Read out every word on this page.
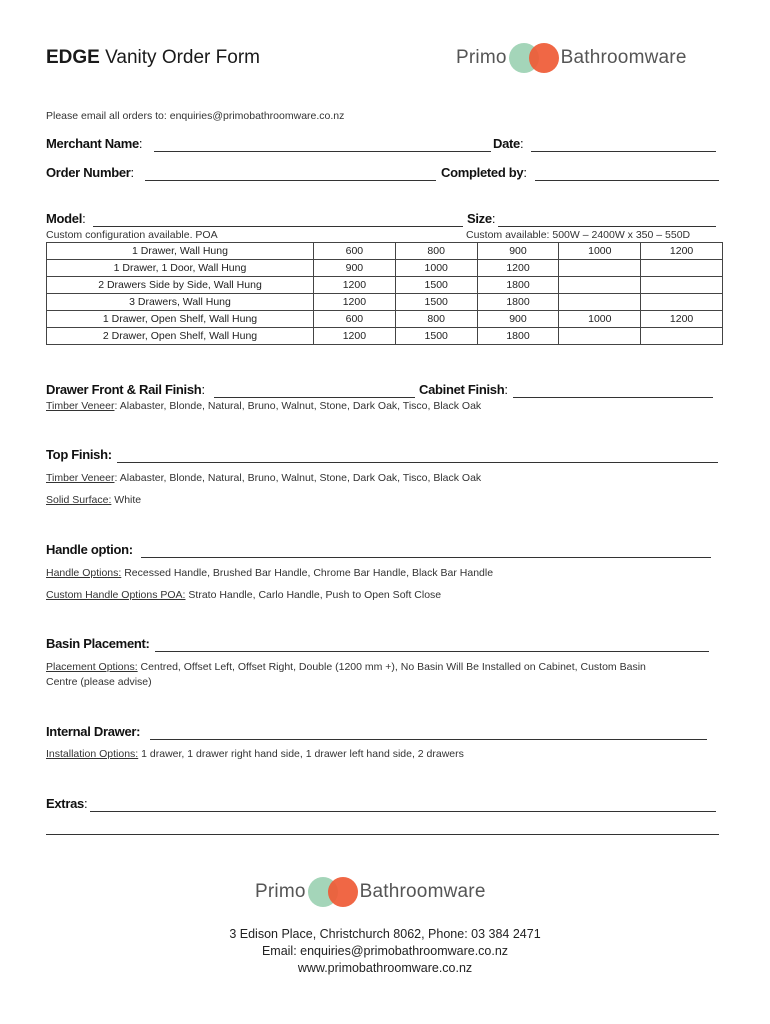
EDGE Vanity Order Form	Primo	Bathroomware
Please email all orders to: enquiries@primobathroomware.co.nz
Merchant Name:	Date:
Order Number:	Completed by:
Model:	Size:
Custom configuration available. POA	Custom available: 500W – 2400W x 350 – 550D
1 Drawer, Wall Hung	600	800	900	1000	1200
1 Drawer, 1 Door, Wall Hung	900	1000	1200		
2 Drawers Side by Side, Wall Hung	1200	1500	1800		
3 Drawers, Wall Hung	1200	1500	1800		
1 Drawer, Open Shelf, Wall Hung	600	800	900	1000	1200
2 Drawer, Open Shelf, Wall Hung	1200	1500	1800		
Drawer Front & Rail Finish:	Cabinet Finish:
Timber Veneer: Alabaster, Blonde, Natural, Bruno, Walnut, Stone, Dark Oak, Tisco, Black Oak
Top Finish:
Timber Veneer: Alabaster, Blonde, Natural, Bruno, Walnut, Stone, Dark Oak, Tisco, Black Oak
Solid Surface: White
Handle option:
Handle Options: Recessed Handle, Brushed Bar Handle, Chrome Bar Handle, Black Bar Handle
Custom Handle Options POA: Strato Handle, Carlo Handle, Push to Open Soft Close
Basin Placement:
Placement Options: Centred, Offset Left, Offset Right, Double (1200 mm +), No Basin Will Be Installed on Cabinet, Custom Basin
Centre (please advise)
Internal Drawer:
Installation Options: 1 drawer, 1 drawer right hand side, 1 drawer left hand side, 2 drawers
Extras:
Primo	Bathroomware
3 Edison Place, Christchurch 8062, Phone: 03 384 2471
Email: enquiries@primobathroomware.co.nz
www.primobathroomware.co.nz
